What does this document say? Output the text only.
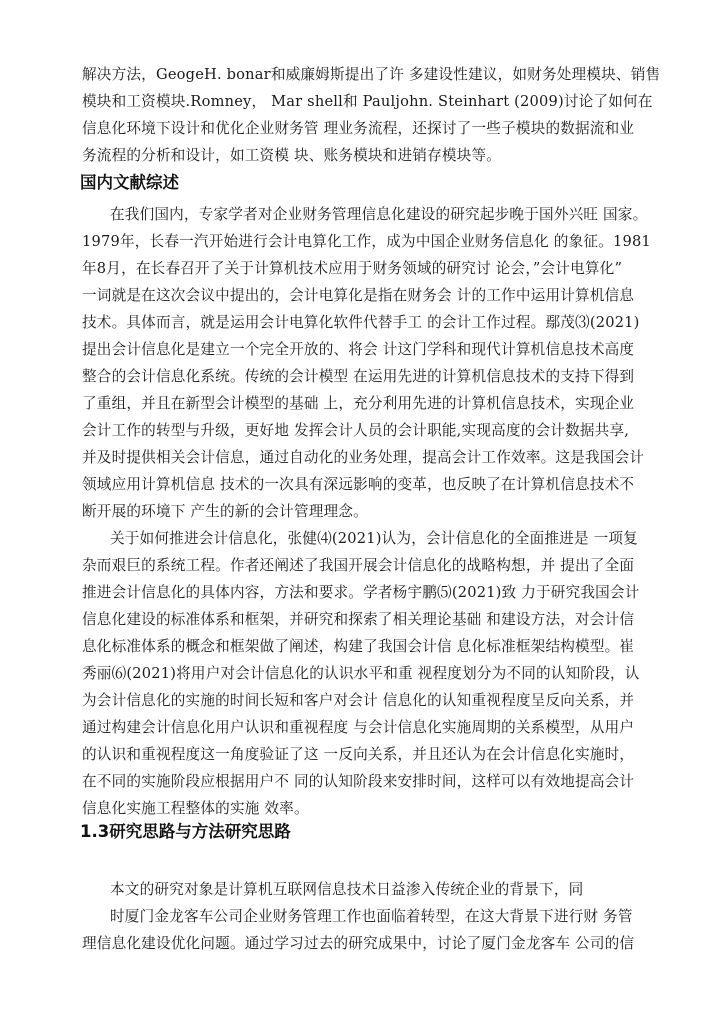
解决方法，GeogeH. bonar和威廉姆斯提出了许 多建设性建议，如财务处理模块、销售
模块和工资模块.Romney， Mar shell和 Pauljohn. Steinhart (2009)讨论了如何在
信息化环境下设计和优化企业财务管 理业务流程，还探讨了一些子模块的数据流和业
务流程的分析和设计，如工资模 块、账务模块和进销存模块等。
国内文献综述
在我们国内，专家学者对企业财务管理信息化建设的研究起步晚于国外兴旺 国家。
1979年，长春一汽开始进行会计电算化工作，成为中国企业财务信息化 的象征。1981
年8月，在长春召开了关于计算机技术应用于财务领域的研究讨 论会，”会计电算化”
一词就是在这次会议中提出的，会计电算化是指在财务会 计的工作中运用计算机信息
技术。具体而言，就是运用会计电算化软件代替手工 的会计工作过程。鄢茂⑶(2021)
提出会计信息化是建立一个完全开放的、将会 计这门学科和现代计算机信息技术高度
整合的会计信息化系统。传统的会计模型 在运用先进的计算机信息技术的支持下得到
了重组，并且在新型会计模型的基础 上，充分利用先进的计算机信息技术，实现企业
会计工作的转型与升级，更好地 发挥会计人员的会计职能,实现高度的会计数据共享,
并及时提供相关会计信息，通过自动化的业务处理，提高会计工作效率。这是我国会计
领域应用计算机信息 技术的一次具有深远影响的变革，也反映了在计算机信息技术不
断开展的环境下 产生的新的会计管理理念。
关于如何推进会计信息化，张健⑷(2021)认为，会计信息化的全面推进是 一项复
杂而艰巨的系统工程。作者还阐述了我国开展会计信息化的战略构想，并 提出了全面
推进会计信息化的具体内容，方法和要求。学者杨宇鹏⑸(2021)致 力于研究我国会计
信息化建设的标准体系和框架，并研究和探索了相关理论基础 和建设方法，对会计信
息化标准体系的概念和框架做了阐述，构建了我国会计信 息化标准框架结构模型。崔
秀丽⑹(2021)将用户对会计信息化的认识水平和重 视程度划分为不同的认知阶段，认
为会计信息化的实施的时间长短和客户对会计 信息化的认知重视程度呈反向关系，并
通过构建会计信息化用户认识和重视程度 与会计信息化实施周期的关系模型，从用户
的认识和重视程度这一角度验证了这 一反向关系，并且还认为在会计信息化实施时，
在不同的实施阶段应根据用户不 同的认知阶段来安排时间，这样可以有效地提高会计
信息化实施工程整体的实施 效率。
1.3研究思路与方法研究思路
本文的研究对象是计算机互联网信息技术日益渗入传统企业的背景下，同
时厦门金龙客车公司企业财务管理工作也面临着转型，在这大背景下进行财 务管
理信息化建设优化问题。通过学习过去的研究成果中，讨论了厦门金龙客车 公司的信
